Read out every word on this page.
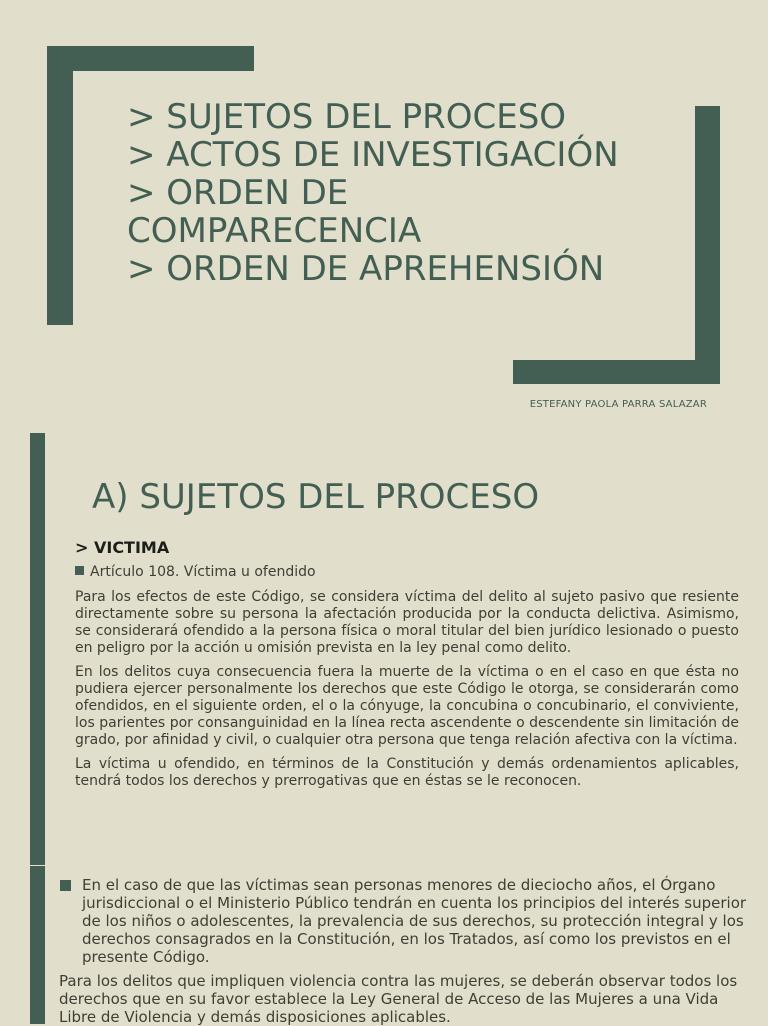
> SUJETOS DEL PROCESO
> ACTOS DE INVESTIGACIÓN
> ORDEN DE
COMPARECENCIA
> ORDEN DE APREHENSIÓN
ESTEFANY PAOLA PARRA SALAZAR
A) SUJETOS DEL PROCESO
> VICTIMA
Artículo 108. Víctima u ofendido

Para los efectos de este Código, se considera víctima del delito al sujeto pasivo que resiente directamente sobre su persona la afectación producida por la conducta delictiva. Asimismo, se considerará ofendido a la persona física o moral titular del bien jurídico lesionado o puesto en peligro por la acción u omisión prevista en la ley penal como delito.

En los delitos cuya consecuencia fuera la muerte de la víctima o en el caso en que ésta no pudiera ejercer personalmente los derechos que este Código le otorga, se considerarán como ofendidos, en el siguiente orden, el o la cónyuge, la concubina o concubinario, el conviviente, los parientes por consanguinidad en la línea recta ascendente o descendente sin limitación de grado, por afinidad y civil, o cualquier otra persona que tenga relación afectiva con la víctima.

La víctima u ofendido, en términos de la Constitución y demás ordenamientos aplicables, tendrá todos los derechos y prerrogativas que en éstas se le reconocen.

En el caso de que las víctimas sean personas menores de dieciocho años, el Órgano jurisdiccional o el Ministerio Público tendrán en cuenta los principios del interés superior de los niños o adolescentes, la prevalencia de sus derechos, su protección integral y los derechos consagrados en la Constitución, en los Tratados, así como los previstos en el presente Código.
Para los delitos que impliquen violencia contra las mujeres, se deberán observar todos los derechos que en su favor establece la Ley General de Acceso de las Mujeres a una Vida Libre de Violencia y demás disposiciones aplicables.
